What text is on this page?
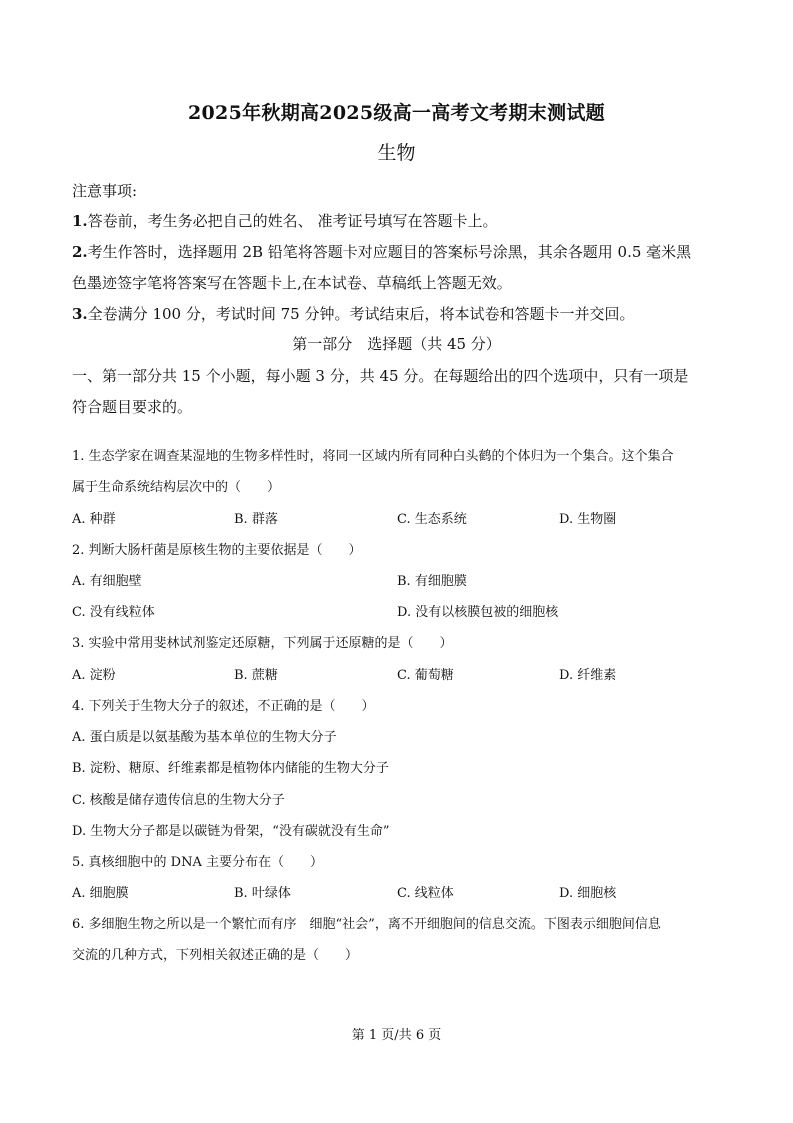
2025年秋期高2025级高一高考文考期末测试题
生物
注意事项:
1.答卷前，考生务必把自己的姓名、 准考证号填写在答题卡上。
2.考生作答时，选择题用 2B 铅笔将答题卡对应题目的答案标号涂黑，其余各题用 0.5 毫米黑
色墨迹签字笔将答案写在答题卡上,在本试卷、草稿纸上答题无效。
3.全卷满分 100 分，考试时间 75 分钟。考试结束后，将本试卷和答题卡一并交回。
第一部分　选择题（共 45 分）
一、第一部分共 15 个小题，每小题 3 分，共 45 分。在每题给出的四个选项中，只有一项是
符合题目要求的。
1. 生态学家在调查某湿地的生物多样性时，将同一区域内所有同种白头鹤的个体归为一个集合。这个集合
属于生命系统结构层次中的（　　）
A. 种群	B. 群落	C. 生态系统	D. 生物圈
2. 判断大肠杆菌是原核生物的主要依据是（　　）
A. 有细胞壁	B. 有细胞膜
C. 没有线粒体	D. 没有以核膜包被的细胞核
3. 实验中常用斐林试剂鉴定还原糖，下列属于还原糖的是（　　）
A. 淀粉	B. 蔗糖	C. 葡萄糖	D. 纤维素
4. 下列关于生物大分子的叙述，不正确的是（　　）
A. 蛋白质是以氨基酸为基本单位的生物大分子
B. 淀粉、糖原、纤维素都是植物体内储能的生物大分子
C. 核酸是储存遗传信息的生物大分子
D. 生物大分子都是以碳链为骨架，“没有碳就没有生命”
5. 真核细胞中的 DNA 主要分布在（　　）
A. 细胞膜	B. 叶绿体	C. 线粒体	D. 细胞核
6. 多细胞生物之所以是一个繁忙而有序　细胞“社会”，离不开细胞间的信息交流。下图表示细胞间信息
交流的几种方式，下列相关叙述正确的是（　　）
第 1 页/共 6 页
